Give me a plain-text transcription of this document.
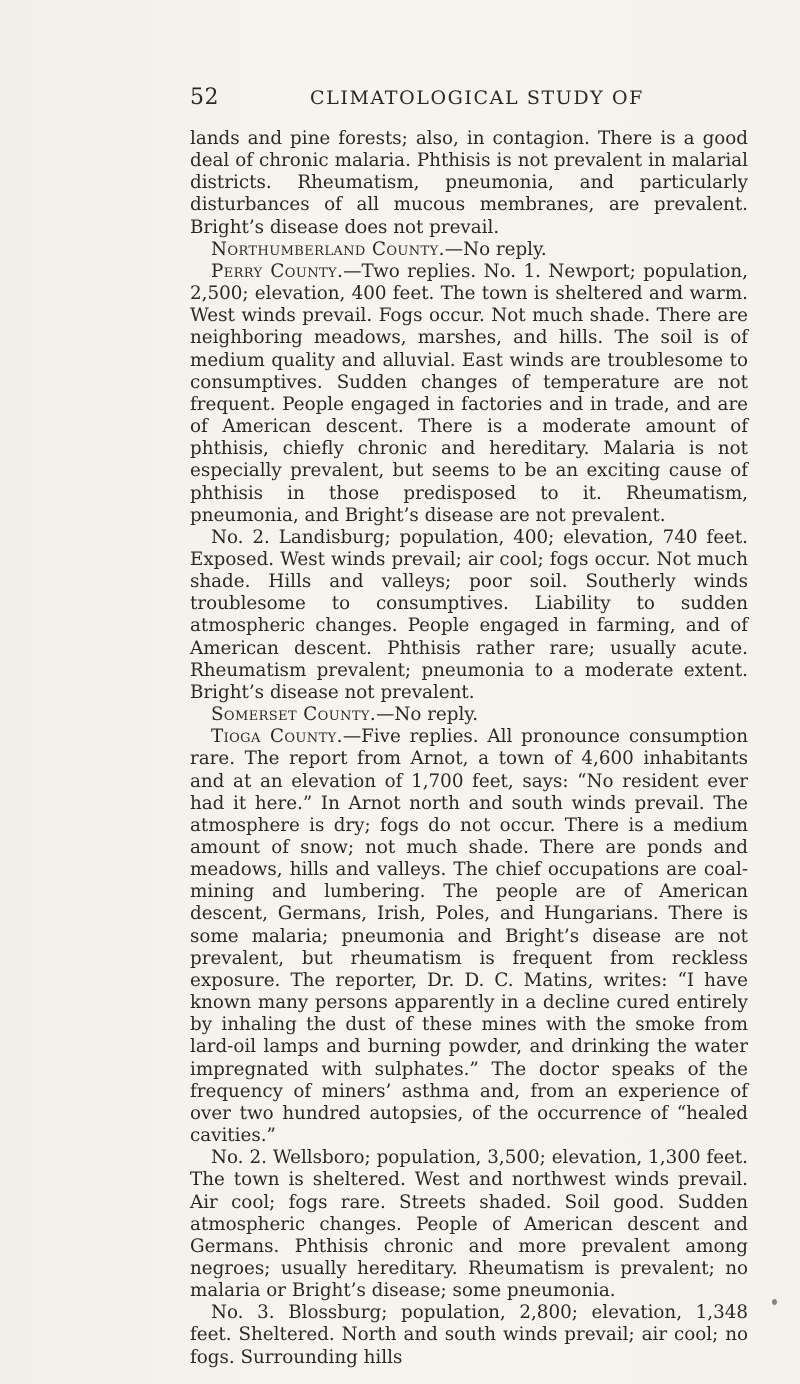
52	CLIMATOLOGICAL STUDY OF

lands and pine forests; also, in contagion. There is a good deal of chronic malaria. Phthisis is not prevalent in malarial districts. Rheumatism, pneumonia, and particularly disturbances of all mucous membranes, are prevalent. Bright’s disease does not prevail.

Northumberland County.—No reply.

Perry County.—Two replies. No. 1. Newport; population, 2,500; elevation, 400 feet. The town is sheltered and warm. West winds prevail. Fogs occur. Not much shade. There are neighboring meadows, marshes, and hills. The soil is of medium quality and alluvial. East winds are troublesome to consumptives. Sudden changes of temperature are not frequent. People engaged in factories and in trade, and are of American descent. There is a moderate amount of phthisis, chiefly chronic and hereditary. Malaria is not especially prevalent, but seems to be an exciting cause of phthisis in those predisposed to it. Rheumatism, pneumonia, and Bright’s disease are not prevalent.

No. 2. Landisburg; population, 400; elevation, 740 feet. Exposed. West winds prevail; air cool; fogs occur. Not much shade. Hills and valleys; poor soil. Southerly winds troublesome to consumptives. Liability to sudden atmospheric changes. People engaged in farming, and of American descent. Phthisis rather rare; usually acute. Rheumatism prevalent; pneumonia to a moderate extent. Bright’s disease not prevalent.

Somerset County.—No reply.

Tioga County.—Five replies. All pronounce consumption rare. The report from Arnot, a town of 4,600 inhabitants and at an elevation of 1,700 feet, says: “No resident ever had it here.” In Arnot north and south winds prevail. The atmosphere is dry; fogs do not occur. There is a medium amount of snow; not much shade. There are ponds and meadows, hills and valleys. The chief occupations are coal-mining and lumbering. The people are of American descent, Germans, Irish, Poles, and Hungarians. There is some malaria; pneumonia and Bright’s disease are not prevalent, but rheumatism is frequent from reckless exposure. The reporter, Dr. D. C. Matins, writes: “I have known many persons apparently in a decline cured entirely by inhaling the dust of these mines with the smoke from lard-oil lamps and burning powder, and drinking the water impregnated with sulphates.” The doctor speaks of the frequency of miners’ asthma and, from an experience of over two hundred autopsies, of the occurrence of “healed cavities.”

No. 2. Wellsboro; population, 3,500; elevation, 1,300 feet. The town is sheltered. West and northwest winds prevail. Air cool; fogs rare. Streets shaded. Soil good. Sudden atmospheric changes. People of American descent and Germans. Phthisis chronic and more prevalent among negroes; usually hereditary. Rheumatism is prevalent; no malaria or Bright’s disease; some pneumonia.

No. 3. Blossburg; population, 2,800; elevation, 1,348 feet. Sheltered. North and south winds prevail; air cool; no fogs. Surrounding hills
